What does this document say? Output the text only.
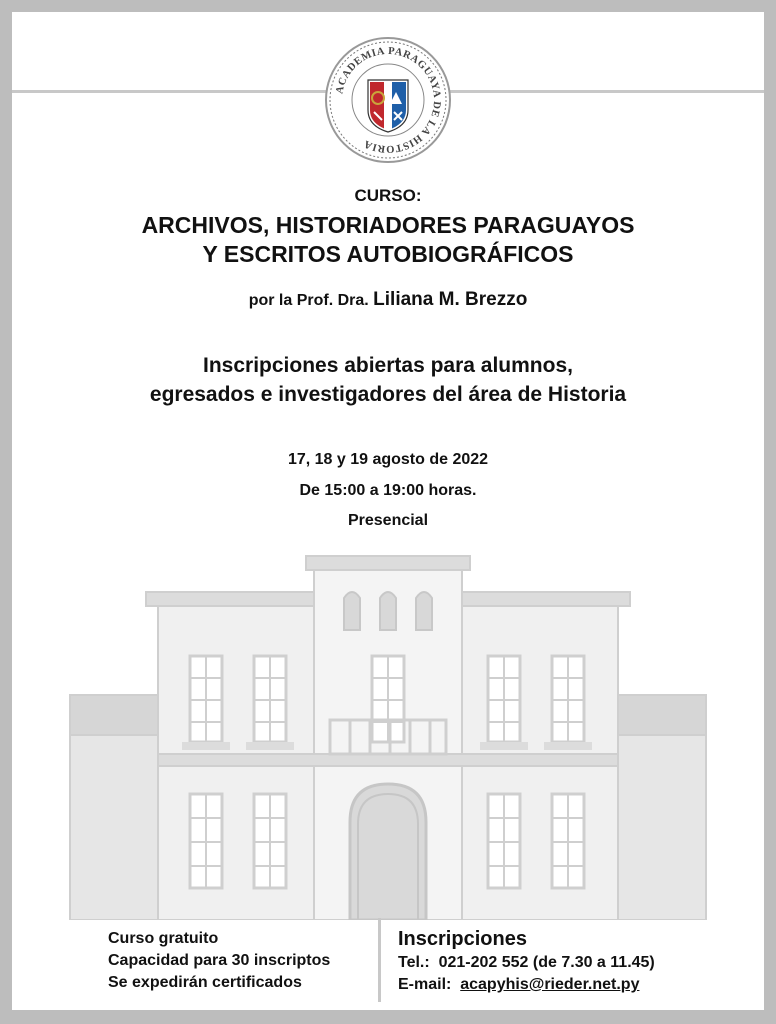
ACADEMIA PARAGUAYA DE LA HISTORIA
CURSO:
ARCHIVOS, HISTORIADORES PARAGUAYOS
Y ESCRITOS AUTOBIOGRÁFICOS
por la Prof. Dra. Liliana M. Brezzo
Inscripciones abiertas para alumnos,
egresados e investigadores del área de Historia
17, 18 y 19 agosto de 2022
De 15:00 a 19:00 horas.
Presencial
Curso gratuito
Capacidad para 30 inscriptos
Se expedirán certificados
Inscripciones
Tel.: 021-202 552 (de 7.30 a 11.45)
E-mail: acapyhis@rieder.net.py
